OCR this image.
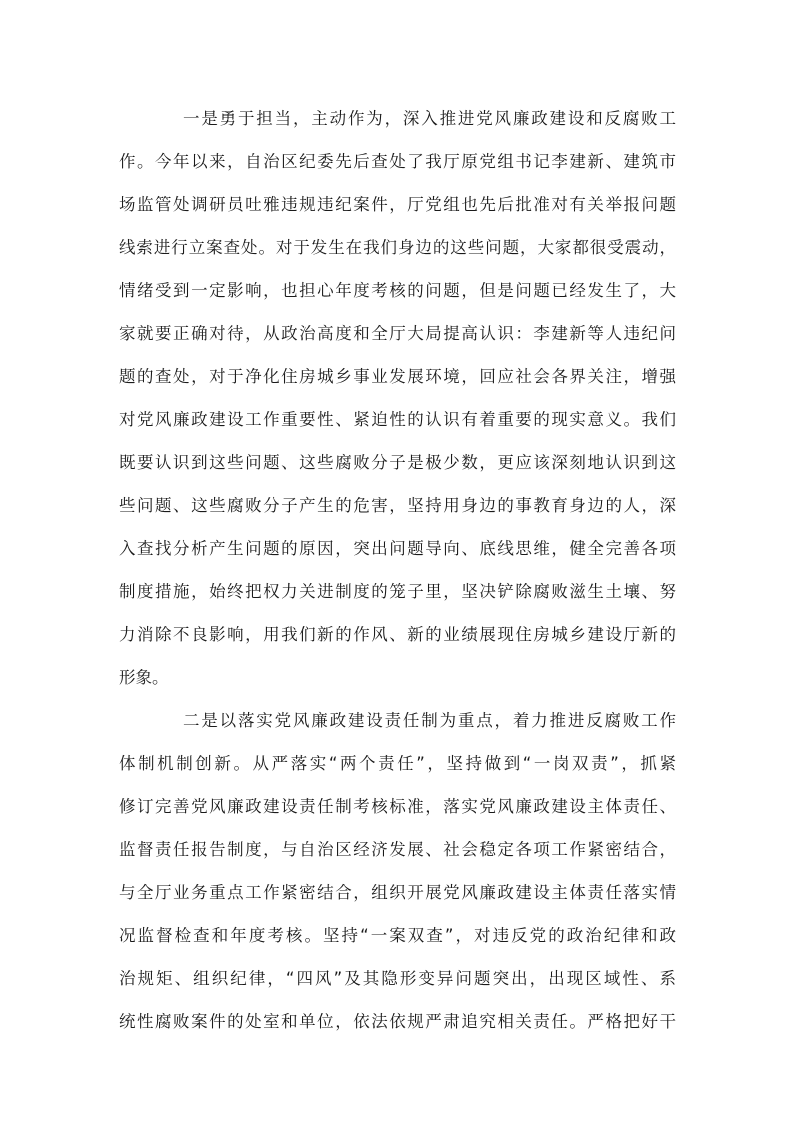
一是勇于担当，主动作为，深入推进党风廉政建设和反腐败工
作。今年以来，自治区纪委先后查处了我厅原党组书记李建新、建筑市
场监管处调研员吐雅违规违纪案件，厅党组也先后批准对有关举报问题
线索进行立案查处。对于发生在我们身边的这些问题，大家都很受震动，
情绪受到一定影响，也担心年度考核的问题，但是问题已经发生了，大
家就要正确对待，从政治高度和全厅大局提高认识：李建新等人违纪问
题的查处，对于净化住房城乡事业发展环境，回应社会各界关注，增强
对党风廉政建设工作重要性、紧迫性的认识有着重要的现实意义。我们
既要认识到这些问题、这些腐败分子是极少数，更应该深刻地认识到这
些问题、这些腐败分子产生的危害，坚持用身边的事教育身边的人，深
入查找分析产生问题的原因，突出问题导向、底线思维，健全完善各项
制度措施，始终把权力关进制度的笼子里，坚决铲除腐败滋生土壤、努
力消除不良影响，用我们新的作风、新的业绩展现住房城乡建设厅新的
形象。
二是以落实党风廉政建设责任制为重点，着力推进反腐败工作
体制机制创新。从严落实“两个责任”，坚持做到“一岗双责”，抓紧
修订完善党风廉政建设责任制考核标准，落实党风廉政建设主体责任、
监督责任报告制度，与自治区经济发展、社会稳定各项工作紧密结合，
与全厅业务重点工作紧密结合，组织开展党风廉政建设主体责任落实情
况监督检查和年度考核。坚持“一案双查”，对违反党的政治纪律和政
治规矩、组织纪律，“四风”及其隐形变异问题突出，出现区域性、系
统性腐败案件的处室和单位，依法依规严肃追究相关责任。严格把好干
